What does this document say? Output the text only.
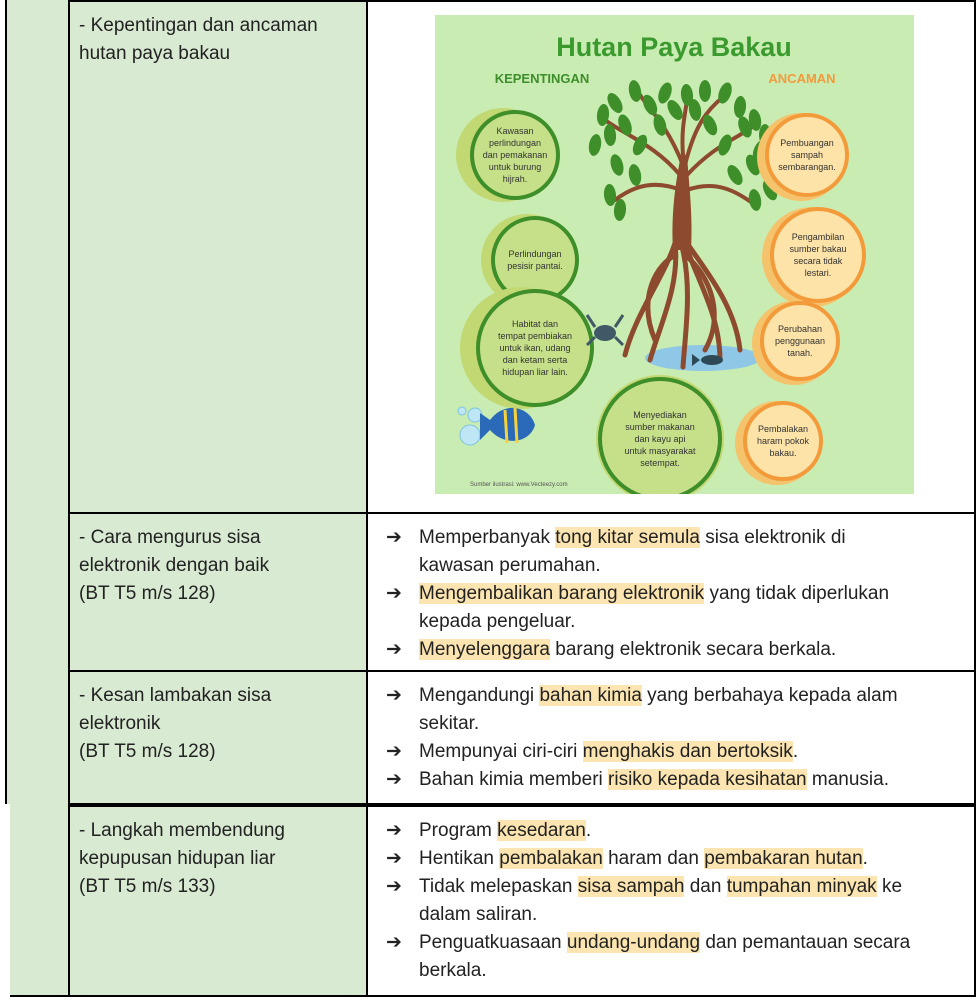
- Kepentingan dan ancaman
hutan paya bakau	Hutan Paya Bakau
KEPENTINGAN	ANCAMAN
Kawasan
perlindungan
dan pemakanan
untuk burung
hijrah.
Perlindungan
pesisir pantai.
Habitat dan
tempat pembiakan
untuk ikan, udang
dan ketam serta
hidupan liar lain.
Menyediakan
sumber makanan
dan kayu api
untuk masyarakat
setempat.
Pembuangan
sampah
sembarangan.
Pengambilan
sumber bakau
secara tidak
lestari.
Perubahan
penggunaan
tanah.
Pembalakan
haram pokok
bakau.
Sumber ilustrasi: www.Vecteezy.com
- Cara mengurus sisa
elektronik dengan baik
(BT T5 m/s 128)
➔ Memperbanyak tong kitar semula sisa elektronik di
kawasan perumahan.
➔ Mengembalikan barang elektronik yang tidak diperlukan
kepada pengeluar.
➔ Menyelenggara barang elektronik secara berkala.
- Kesan lambakan sisa
elektronik
(BT T5 m/s 128)
➔ Mengandungi bahan kimia yang berbahaya kepada alam
sekitar.
➔ Mempunyai ciri-ciri menghakis dan bertoksik.
➔ Bahan kimia memberi risiko kepada kesihatan manusia.
- Langkah membendung
kepupusan hidupan liar
(BT T5 m/s 133)
➔ Program kesedaran.
➔ Hentikan pembalakan haram dan pembakaran hutan.
➔ Tidak melepaskan sisa sampah dan tumpahan minyak ke
dalam saliran.
➔ Penguatkuasaan undang-undang dan pemantauan secara
berkala.
